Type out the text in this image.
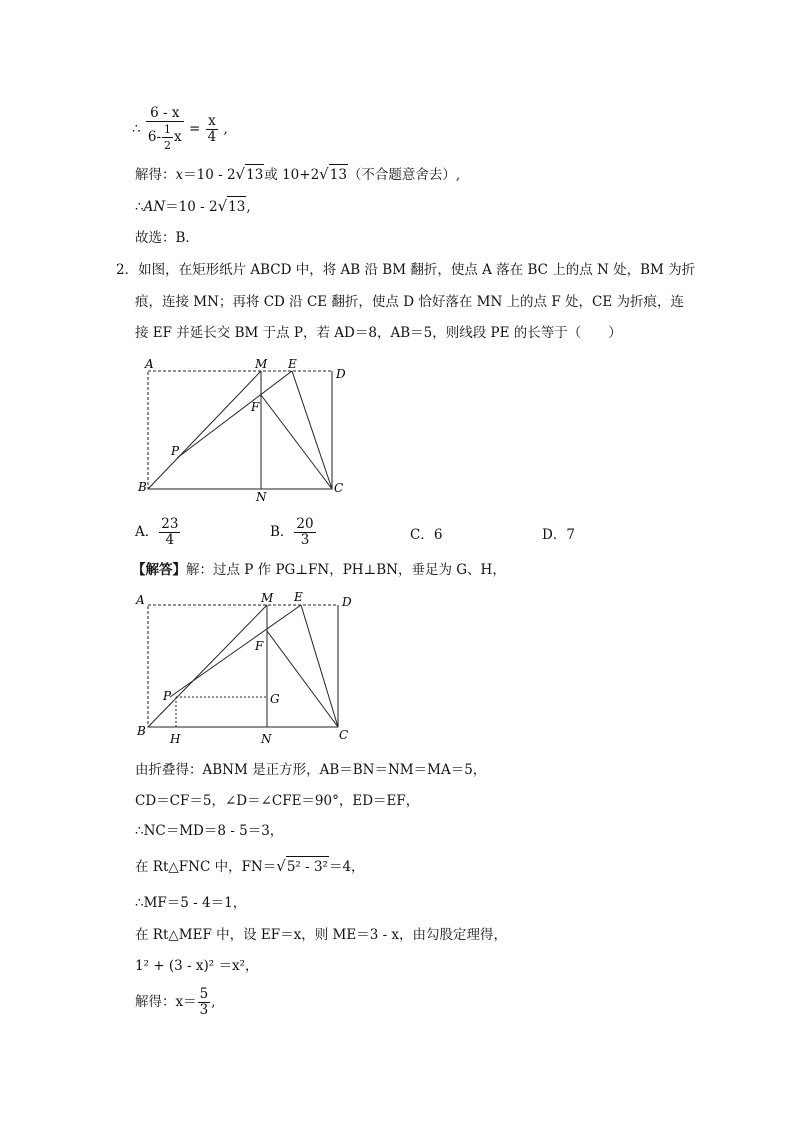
∴ $\frac{6 - x}{6- \frac{1}{2} x} = \frac{x}{4}$ ,
解得：x＝10 - 2√13或 10+2√13（不合题意舍去）,
∴AN＝10 - 2√13,
故选：B．
2．如图，在矩形纸片 ABCD 中，将 AB 沿 BM 翻折，使点 A 落在 BC 上的点 N 处，BM 为折
痕，连接 MN；再将 CD 沿 CE 翻折，使点 D 恰好落在 MN 上的点 F 处，CE 为折痕，连
接 EF 并延长交 BM 于点 P，若 AD＝8，AB＝5，则线段 PE 的长等于（　　）
A	M E
D
F
P
B
N
C
A． $\frac{23}{4}$	B． $\frac{20}{3}$	C．6	D．7
【解答】解：过点 P 作 PG⊥FN，PH⊥BN，垂足为 G、H，
A	M E	D
F
P	G
B
H	N	C
由折叠得：ABNM 是正方形，AB＝BN＝NM＝MA＝5，
CD＝CF＝5，∠D＝∠CFE＝90°，ED＝EF，
∴NC＝MD＝8 - 5＝3，
在 Rt△FNC 中，FN＝√5² - 3²＝4，
∴MF＝5 - 4＝1，
在 Rt△MEF 中，设 EF＝x，则 ME＝3 - x，由勾股定理得，
1² + (3 - x)² ＝x²，
解得：$x= \frac{5}{3}$ ,
